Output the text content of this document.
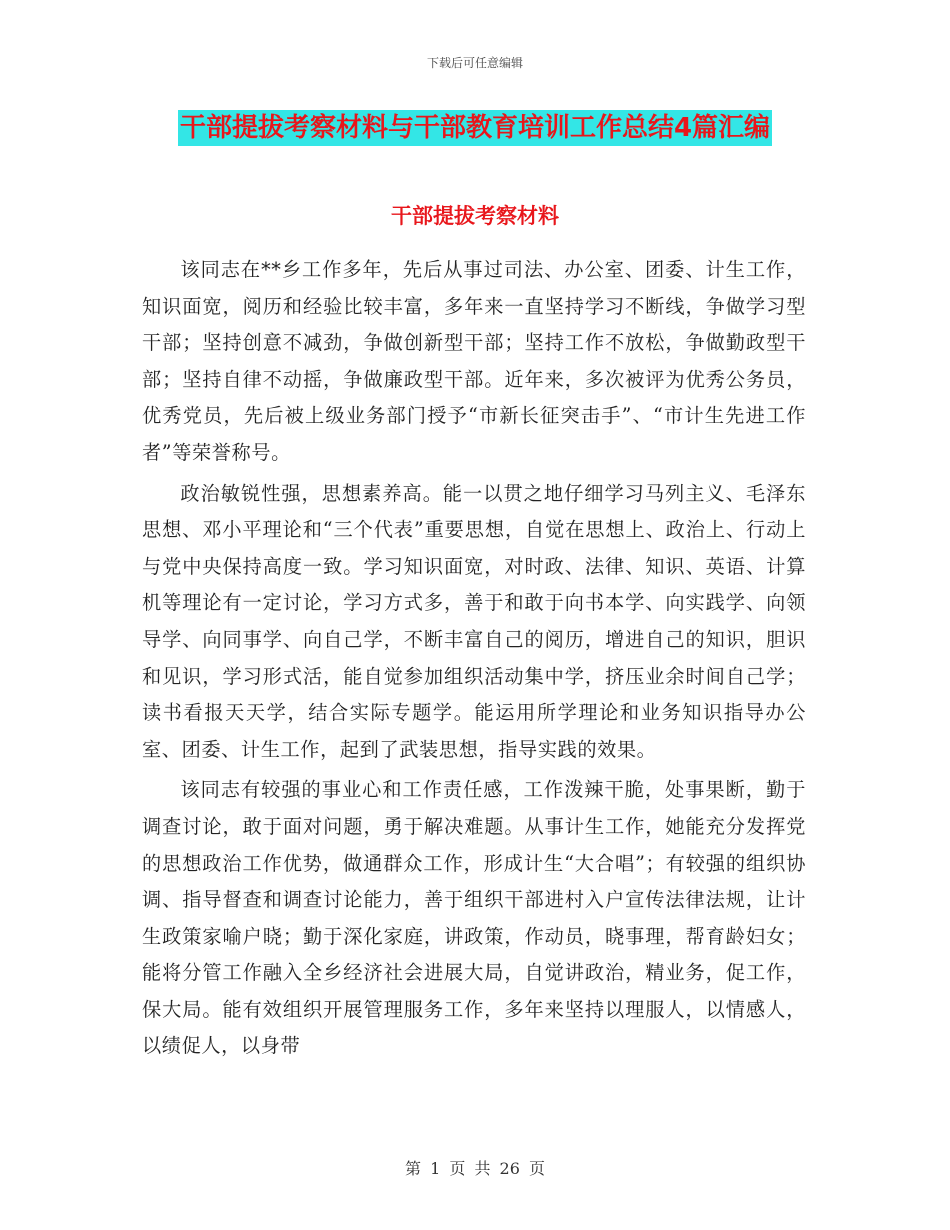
下载后可任意编辑
干部提拔考察材料与干部教育培训工作总结4篇汇编
干部提拔考察材料

该同志在**乡工作多年，先后从事过司法、办公室、团委、计生工作，知识面宽，阅历和经验比较丰富，多年来一直坚持学习不断线，争做学习型干部；坚持创意不减劲，争做创新型干部；坚持工作不放松，争做勤政型干部；坚持自律不动摇，争做廉政型干部。近年来，多次被评为优秀公务员，优秀党员，先后被上级业务部门授予“市新长征突击手”、“市计生先进工作者”等荣誉称号。

政治敏锐性强，思想素养高。能一以贯之地仔细学习马列主义、毛泽东思想、邓小平理论和“三个代表”重要思想，自觉在思想上、政治上、行动上与党中央保持高度一致。学习知识面宽，对时政、法律、知识、英语、计算机等理论有一定讨论，学习方式多，善于和敢于向书本学、向实践学、向领导学、向同事学、向自己学，不断丰富自己的阅历，增进自己的知识，胆识和见识，学习形式活，能自觉参加组织活动集中学，挤压业余时间自己学；读书看报天天学，结合实际专题学。能运用所学理论和业务知识指导办公室、团委、计生工作，起到了武装思想，指导实践的效果。

该同志有较强的事业心和工作责任感，工作泼辣干脆，处事果断，勤于调查讨论，敢于面对问题，勇于解决难题。从事计生工作，她能充分发挥党的思想政治工作优势，做通群众工作，形成计生“大合唱”；有较强的组织协调、指导督查和调查讨论能力，善于组织干部进村入户宣传法律法规，让计生政策家喻户晓；勤于深化家庭，讲政策，作动员，晓事理，帮育龄妇女；能将分管工作融入全乡经济社会进展大局，自觉讲政治，精业务，促工作，保大局。能有效组织开展管理服务工作，多年来坚持以理服人，以情感人，以绩促人，以身带

第 1 页 共 26 页
